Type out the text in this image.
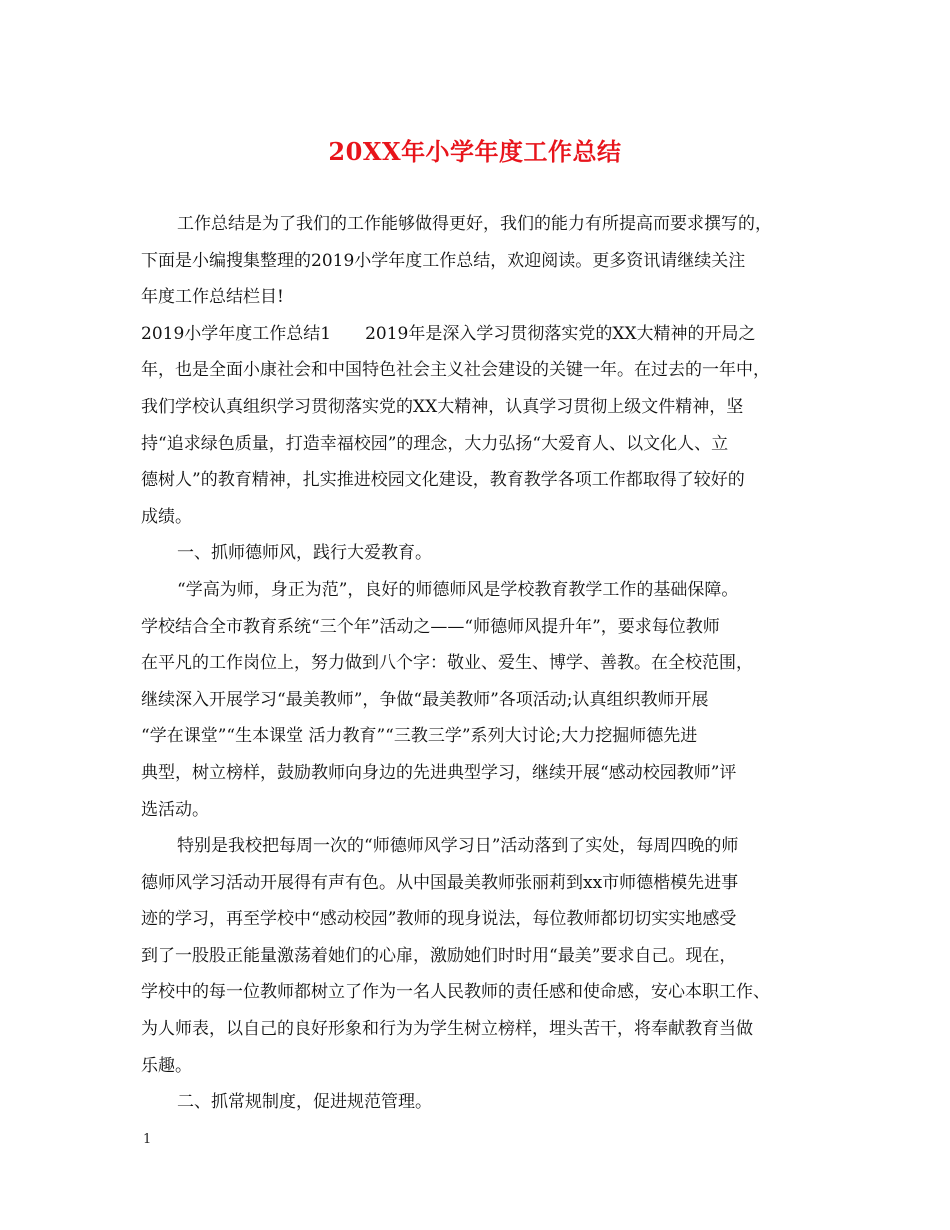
20XX年小学年度工作总结
工作总结是为了我们的工作能够做得更好，我们的能力有所提高而要求撰写的，
下面是小编搜集整理的2019小学年度工作总结，欢迎阅读。更多资讯请继续关注
年度工作总结栏目!
2019小学年度工作总结1　　2019年是深入学习贯彻落实党的XX大精神的开局之
年，也是全面小康社会和中国特色社会主义社会建设的关键一年。在过去的一年中，
我们学校认真组织学习贯彻落实党的XX大精神，认真学习贯彻上级文件精神，坚
持“追求绿色质量，打造幸福校园”的理念，大力弘扬“大爱育人、以文化人、立
德树人”的教育精神，扎实推进校园文化建设，教育教学各项工作都取得了较好的
成绩。
一、抓师德师风，践行大爱教育。
“学高为师，身正为范”，良好的师德师风是学校教育教学工作的基础保障。
学校结合全市教育系统“三个年”活动之——“师德师风提升年”，要求每位教师
在平凡的工作岗位上，努力做到八个字：敬业、爱生、博学、善教。在全校范围，
继续深入开展学习“最美教师”，争做“最美教师”各项活动;认真组织教师开展
“学在课堂”“生本课堂 活力教育”“三教三学”系列大讨论;大力挖掘师德先进
典型，树立榜样，鼓励教师向身边的先进典型学习，继续开展“感动校园教师”评
选活动。
特别是我校把每周一次的“师德师风学习日”活动落到了实处，每周四晚的师
德师风学习活动开展得有声有色。从中国最美教师张丽莉到xx市师德楷模先进事
迹的学习，再至学校中“感动校园”教师的现身说法，每位教师都切切实实地感受
到了一股股正能量激荡着她们的心扉，激励她们时时用“最美”要求自己。现在，
学校中的每一位教师都树立了作为一名人民教师的责任感和使命感，安心本职工作、
为人师表，以自己的良好形象和行为为学生树立榜样，埋头苦干，将奉献教育当做
乐趣。
二、抓常规制度，促进规范管理。
1
